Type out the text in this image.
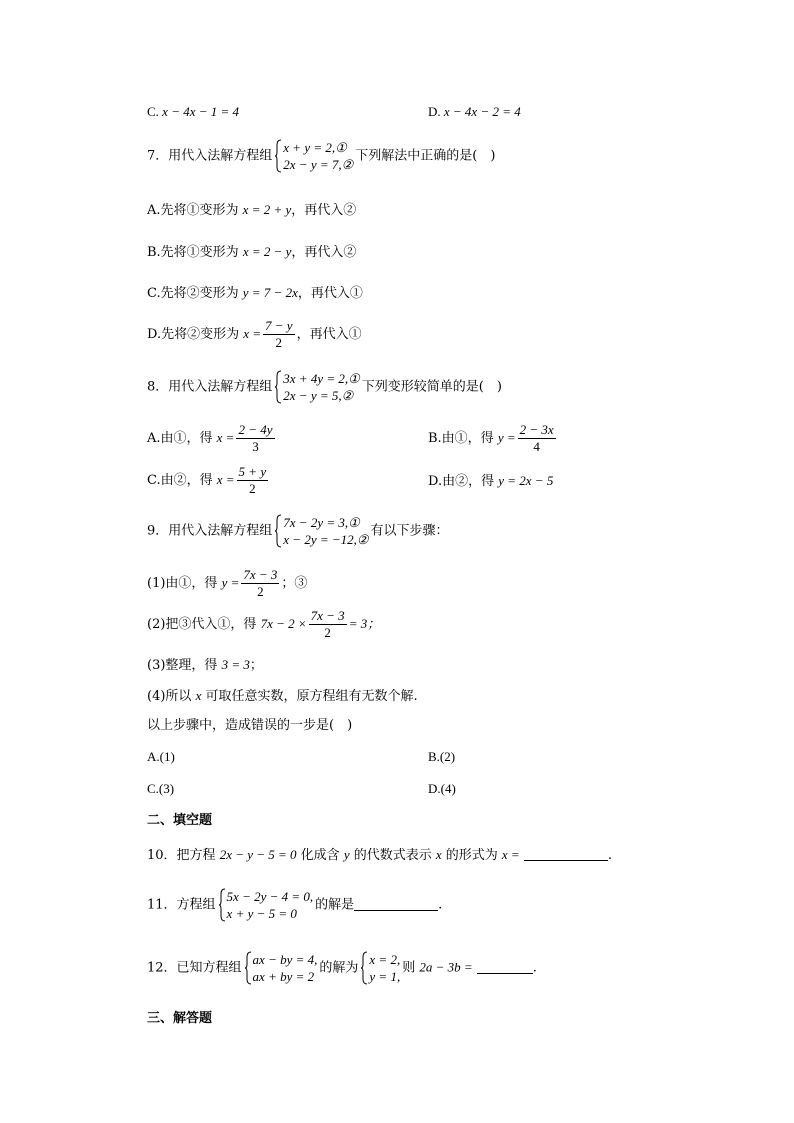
C. x − 4x − 1 = 4	D. x − 4x − 2 = 4
7．用代入法解方程组
x + y = 2,①
2x − y = 7,②
下列解法中正确的是(　)
A.先将①变形为 x = 2 + y，再代入②
B.先将①变形为 x = 2 − y，再代入②
C.先将②变形为 y = 7 − 2x，再代入①
D.先将②变形为 $x = \frac{7 - y}{2}$ ，再代入①
8．用代入法解方程组
3x + 4y = 2,①
2x − y = 5,②
下列变形较简单的是(　)
A.由①，得 $x = \frac{2 - 4y}{3}$	B.由①，得 $y = \frac{2 - 3x}{4}$
C.由②，得 $x = \frac{5 + y}{2}$	D.由②，得 y = 2x − 5
9．用代入法解方程组
7x − 2y = 3,①
x − 2y = −12,②
有以下步骤：
(1)由①，得 $y = \frac{7x - 3}{2}$ ；③
(2)把③代入①，得 $7x - 2 \times \frac{7x - 3}{2} = 3$；
(3)整理，得 3 = 3；
(4)所以 x 可取任意实数，原方程组有无数个解.
以上步骤中，造成错误的一步是(　)
A.(1)	B.(2)
C.(3)	D.(4)
二、填空题
10．把方程 2x − y − 5 = 0 化成含 y 的代数式表示 x 的形式为 x =	.
11．方程组
5x − 2y − 4 = 0,
x + y − 5 = 0
的解是	.
12．已知方程组
ax − by = 4,
ax + by = 2
的解为
x = 2,
y = 1,
则 2a − 3b =	.
三、解答题
